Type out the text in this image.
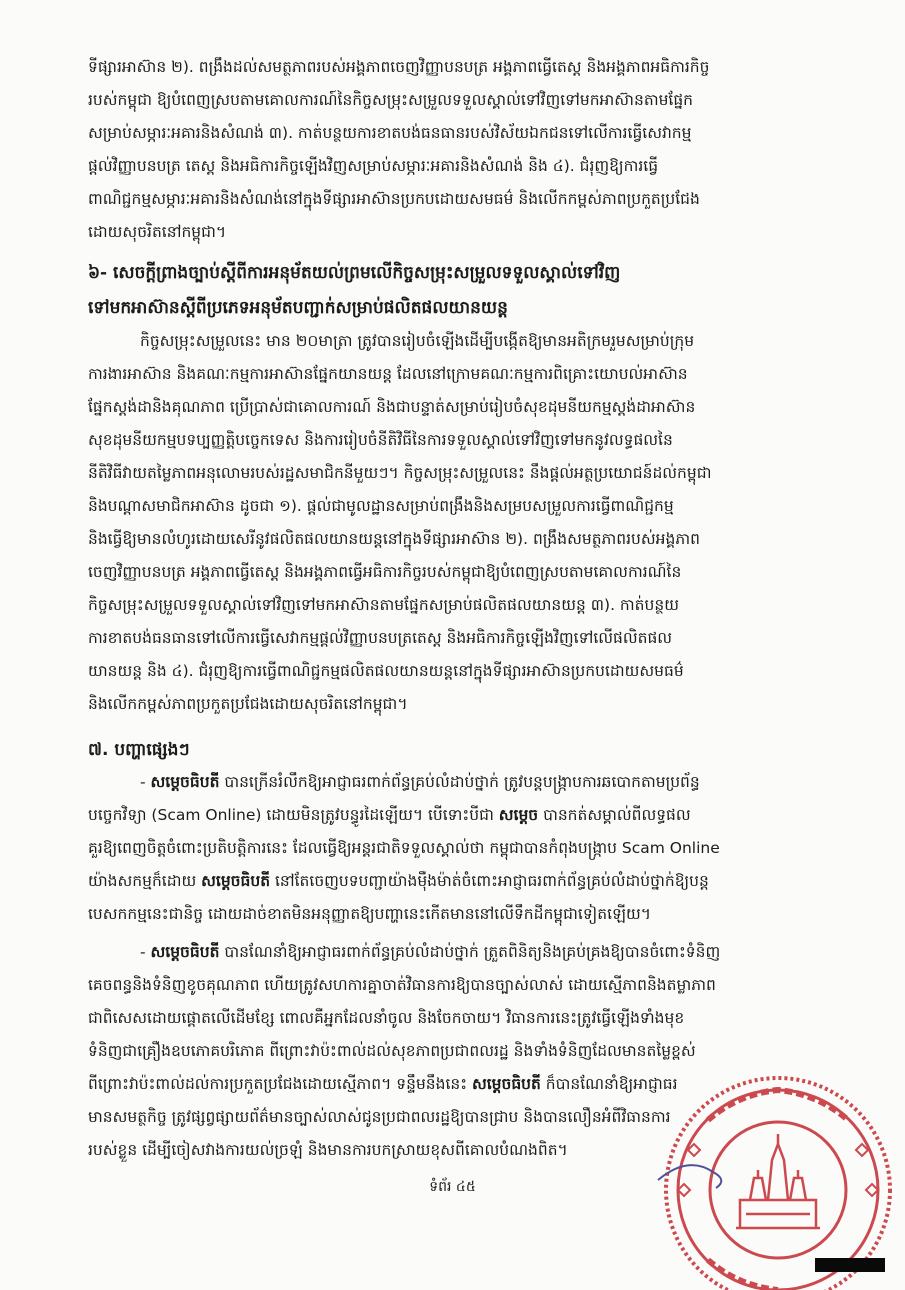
ទីផ្សារអាស៊ាន ២). ពង្រឹងដល់សមត្ថភាពរបស់អង្គភាពចេញវិញ្ញាបនបត្រ អង្គភាពធ្វើតេស្ត និងអង្គភាពអធិការកិច្ច
របស់កម្ពុជា ឱ្យបំពេញស្របតាមគោលការណ៍នៃកិច្ចសម្រុះសម្រួលទទួលស្គាល់ទៅវិញទៅមកអាស៊ានតាមផ្នែក
សម្រាប់សម្ភារៈអគារនិងសំណង់ ៣). កាត់បន្ថយការខាតបង់ធនធានរបស់វិស័យឯកជនទៅលើការធ្វើសេវាកម្ម
ផ្តល់វិញ្ញាបនបត្រ តេស្ត និងអធិការកិច្ចឡើងវិញសម្រាប់សម្ភារៈអគារនិងសំណង់ និង ៤). ជំរុញឱ្យការធ្វើ
ពាណិជ្ជកម្មសម្ភារៈអគារនិងសំណង់នៅក្នុងទីផ្សារអាស៊ានប្រកបដោយសមធម៌ និងលើកកម្ពស់ភាពប្រកួតប្រជែង
ដោយសុចរិតនៅកម្ពុជា។
៦- សេចក្តីព្រាងច្បាប់ស្តីពីការអនុម័តយល់ព្រមលើកិច្ចសម្រុះសម្រួលទទួលស្គាល់ទៅវិញ
ទៅមកអាស៊ានស្តីពីប្រភេទអនុម័តបញ្ជាក់សម្រាប់ផលិតផលយានយន្ត
កិច្ចសម្រុះសម្រួលនេះ មាន ២០មាត្រា ត្រូវបានរៀបចំឡើងដើម្បីបង្កើតឱ្យមានអតិក្រមរួមសម្រាប់ក្រុម
ការងារអាស៊ាន និងគណៈកម្មការអាស៊ានផ្នែកយានយន្ត ដែលនៅក្រោមគណៈកម្មការពិគ្រោះយោបល់អាស៊ាន
ផ្នែកស្តង់ដានិងគុណភាព ប្រើប្រាស់ជាគោលការណ៍ និងជាបន្ទាត់សម្រាប់រៀបចំសុខដុមនីយកម្មស្តង់ដាអាស៊ាន
សុខដុមនីយកម្មបទប្បញ្ញត្តិបច្ចេកទេស និងការរៀបចំនីតិវិធីនៃការទទួលស្គាល់ទៅវិញទៅមកនូវលទ្ធផលនៃ
នីតិវិធីវាយតម្លៃភាពអនុលោមរបស់រដ្ឋសមាជិកនីមួយៗ។ កិច្ចសម្រុះសម្រួលនេះ នឹងផ្តល់អត្ថប្រយោជន៍ដល់កម្ពុជា
និងបណ្តាសមាជិកអាស៊ាន ដូចជា ១). ផ្តល់ជាមូលដ្ឋានសម្រាប់ពង្រឹងនិងសម្របសម្រួលការធ្វើពាណិជ្ជកម្ម
និងធ្វើឱ្យមានលំហូរដោយសេរីនូវផលិតផលយានយន្តនៅក្នុងទីផ្សារអាស៊ាន ២). ពង្រឹងសមត្ថភាពរបស់អង្គភាព
ចេញវិញ្ញាបនបត្រ អង្គភាពធ្វើតេស្ត និងអង្គភាពធ្វើអធិការកិច្ចរបស់កម្ពុជាឱ្យបំពេញស្របតាមគោលការណ៍នៃ
កិច្ចសម្រុះសម្រួលទទួលស្គាល់ទៅវិញទៅមកអាស៊ានតាមផ្នែកសម្រាប់ផលិតផលយានយន្ត ៣). កាត់បន្ថយ
ការខាតបង់ធនធានទៅលើការធ្វើសេវាកម្មផ្តល់វិញ្ញាបនបត្រតេស្ត និងអធិការកិច្ចឡើងវិញទៅលើផលិតផល
យានយន្ត និង ៤). ជំរុញឱ្យការធ្វើពាណិជ្ជកម្មផលិតផលយានយន្តនៅក្នុងទីផ្សារអាស៊ានប្រកបដោយសមធម៌
និងលើកកម្ពស់ភាពប្រកួតប្រជែងដោយសុចរិតនៅកម្ពុជា។
៧. បញ្ហាផ្សេងៗ
- សម្តេចធិបតី បានក្រើនរំលឹកឱ្យអាជ្ញាធរពាក់ព័ន្ធគ្រប់លំដាប់ថ្នាក់ ត្រូវបន្តបង្ក្រាបការឆបោកតាមប្រព័ន្ធ
បច្ចេកវិទ្យា (Scam Online) ដោយមិនត្រូវបន្ធូរដៃឡើយ។ បើទោះបីជា សម្តេច បានកត់សម្គាល់ពីលទ្ធផល
គួរឱ្យពេញចិត្តចំពោះប្រតិបត្តិការនេះ ដែលធ្វើឱ្យអន្តរជាតិទទួលស្គាល់ថា កម្ពុជាបានកំពុងបង្ក្រាប Scam Online
យ៉ាងសកម្មក៏ដោយ សម្តេចធិបតី នៅតែចេញបទបញ្ជាយ៉ាងម៉ឺងម៉ាត់ចំពោះអាជ្ញាធរពាក់ព័ន្ធគ្រប់លំដាប់ថ្នាក់ឱ្យបន្ត
បេសកកម្មនេះជានិច្ច ដោយដាច់ខាតមិនអនុញ្ញាតឱ្យបញ្ហានេះកើតមាននៅលើទឹកដីកម្ពុជាទៀតឡើយ។
- សម្តេចធិបតី បានណែនាំឱ្យអាជ្ញាធរពាក់ព័ន្ធគ្រប់លំដាប់ថ្នាក់ ត្រួតពិនិត្យនិងគ្រប់គ្រងឱ្យបានចំពោះទំនិញ
គេចពន្ធនិងទំនិញខូចគុណភាព ហើយត្រូវសហការគ្នាចាត់វិធានការឱ្យបានច្បាស់លាស់ ដោយស្មើភាពនិងតម្លាភាព
ជាពិសេសដោយផ្តោតលើដើមខ្សែ ពោលគឺអ្នកដែលនាំចូល និងចែកចាយ។ វិធានការនេះត្រូវធ្វើឡើងទាំងមុខ
ទំនិញជាគ្រឿងឧបភោគបរិភោគ ពីព្រោះវាប៉ះពាល់ដល់សុខភាពប្រជាពលរដ្ឋ និងទាំងទំនិញដែលមានតម្លៃខ្ពស់
ពីព្រោះវាប៉ះពាល់ដល់ការប្រកួតប្រជែងដោយស្មើភាព។ ទន្ទឹមនឹងនេះ សម្តេចធិបតី ក៏បានណែនាំឱ្យអាជ្ញាធរ
មានសមត្ថកិច្ច ត្រូវផ្សព្វផ្សាយព័ត៌មានច្បាស់លាស់ជូនប្រជាពលរដ្ឋឱ្យបានជ្រាប និងបានលឿនអំពីវិធានការ
របស់ខ្លួន ដើម្បីចៀសវាងការយល់ច្រឡំ និងមានការបកស្រាយខុសពីគោលបំណងពិត។
ទំព័រ ៤៥
